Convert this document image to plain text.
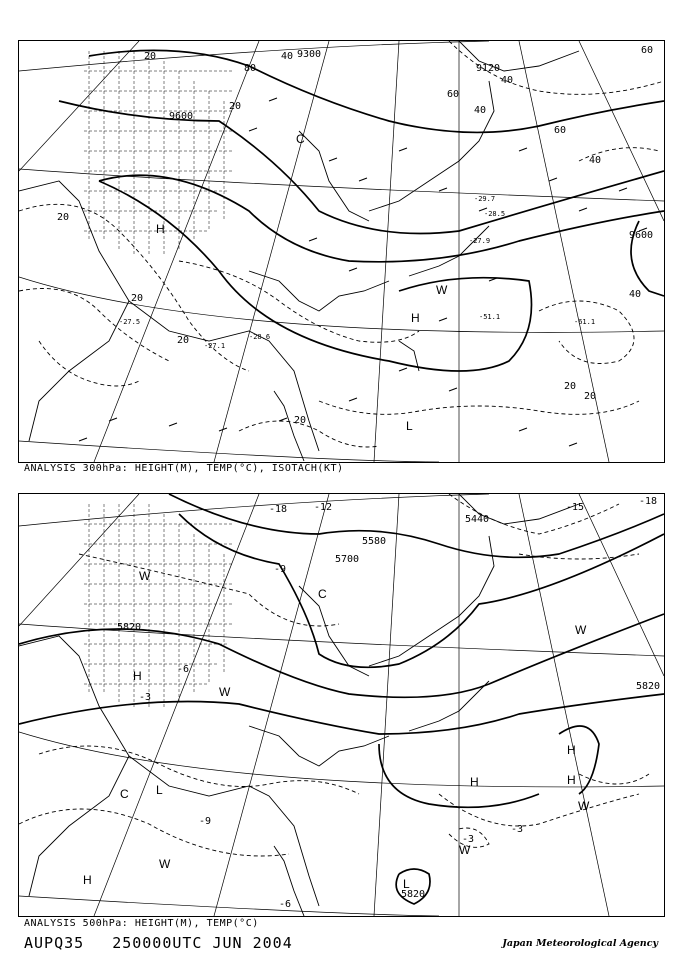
9300
9600
9120
9600
20
20
20
20
20
20
20
20
40
40
40
40
40
60
60
60
80
-61.1
-51.1
-27.5
-27.1
-28.6
-27.9
-29.7
-28.5
H
H
C
W
L
ANALYSIS 300hPa: HEIGHT(M), TEMP(°C), ISOTACH(KT)
5440
5580
5700
5820
5820
5820
-18
-18
-15
-12
-9
-6
-3
-3
-3
-6
-9
W
C
H
W
H
C L
W
H
W
H
W
L
H
W
ANALYSIS 500hPa: HEIGHT(M), TEMP(°C)
AUPQ35 250000UTC JUN 2004	Japan Meteorological Agency
